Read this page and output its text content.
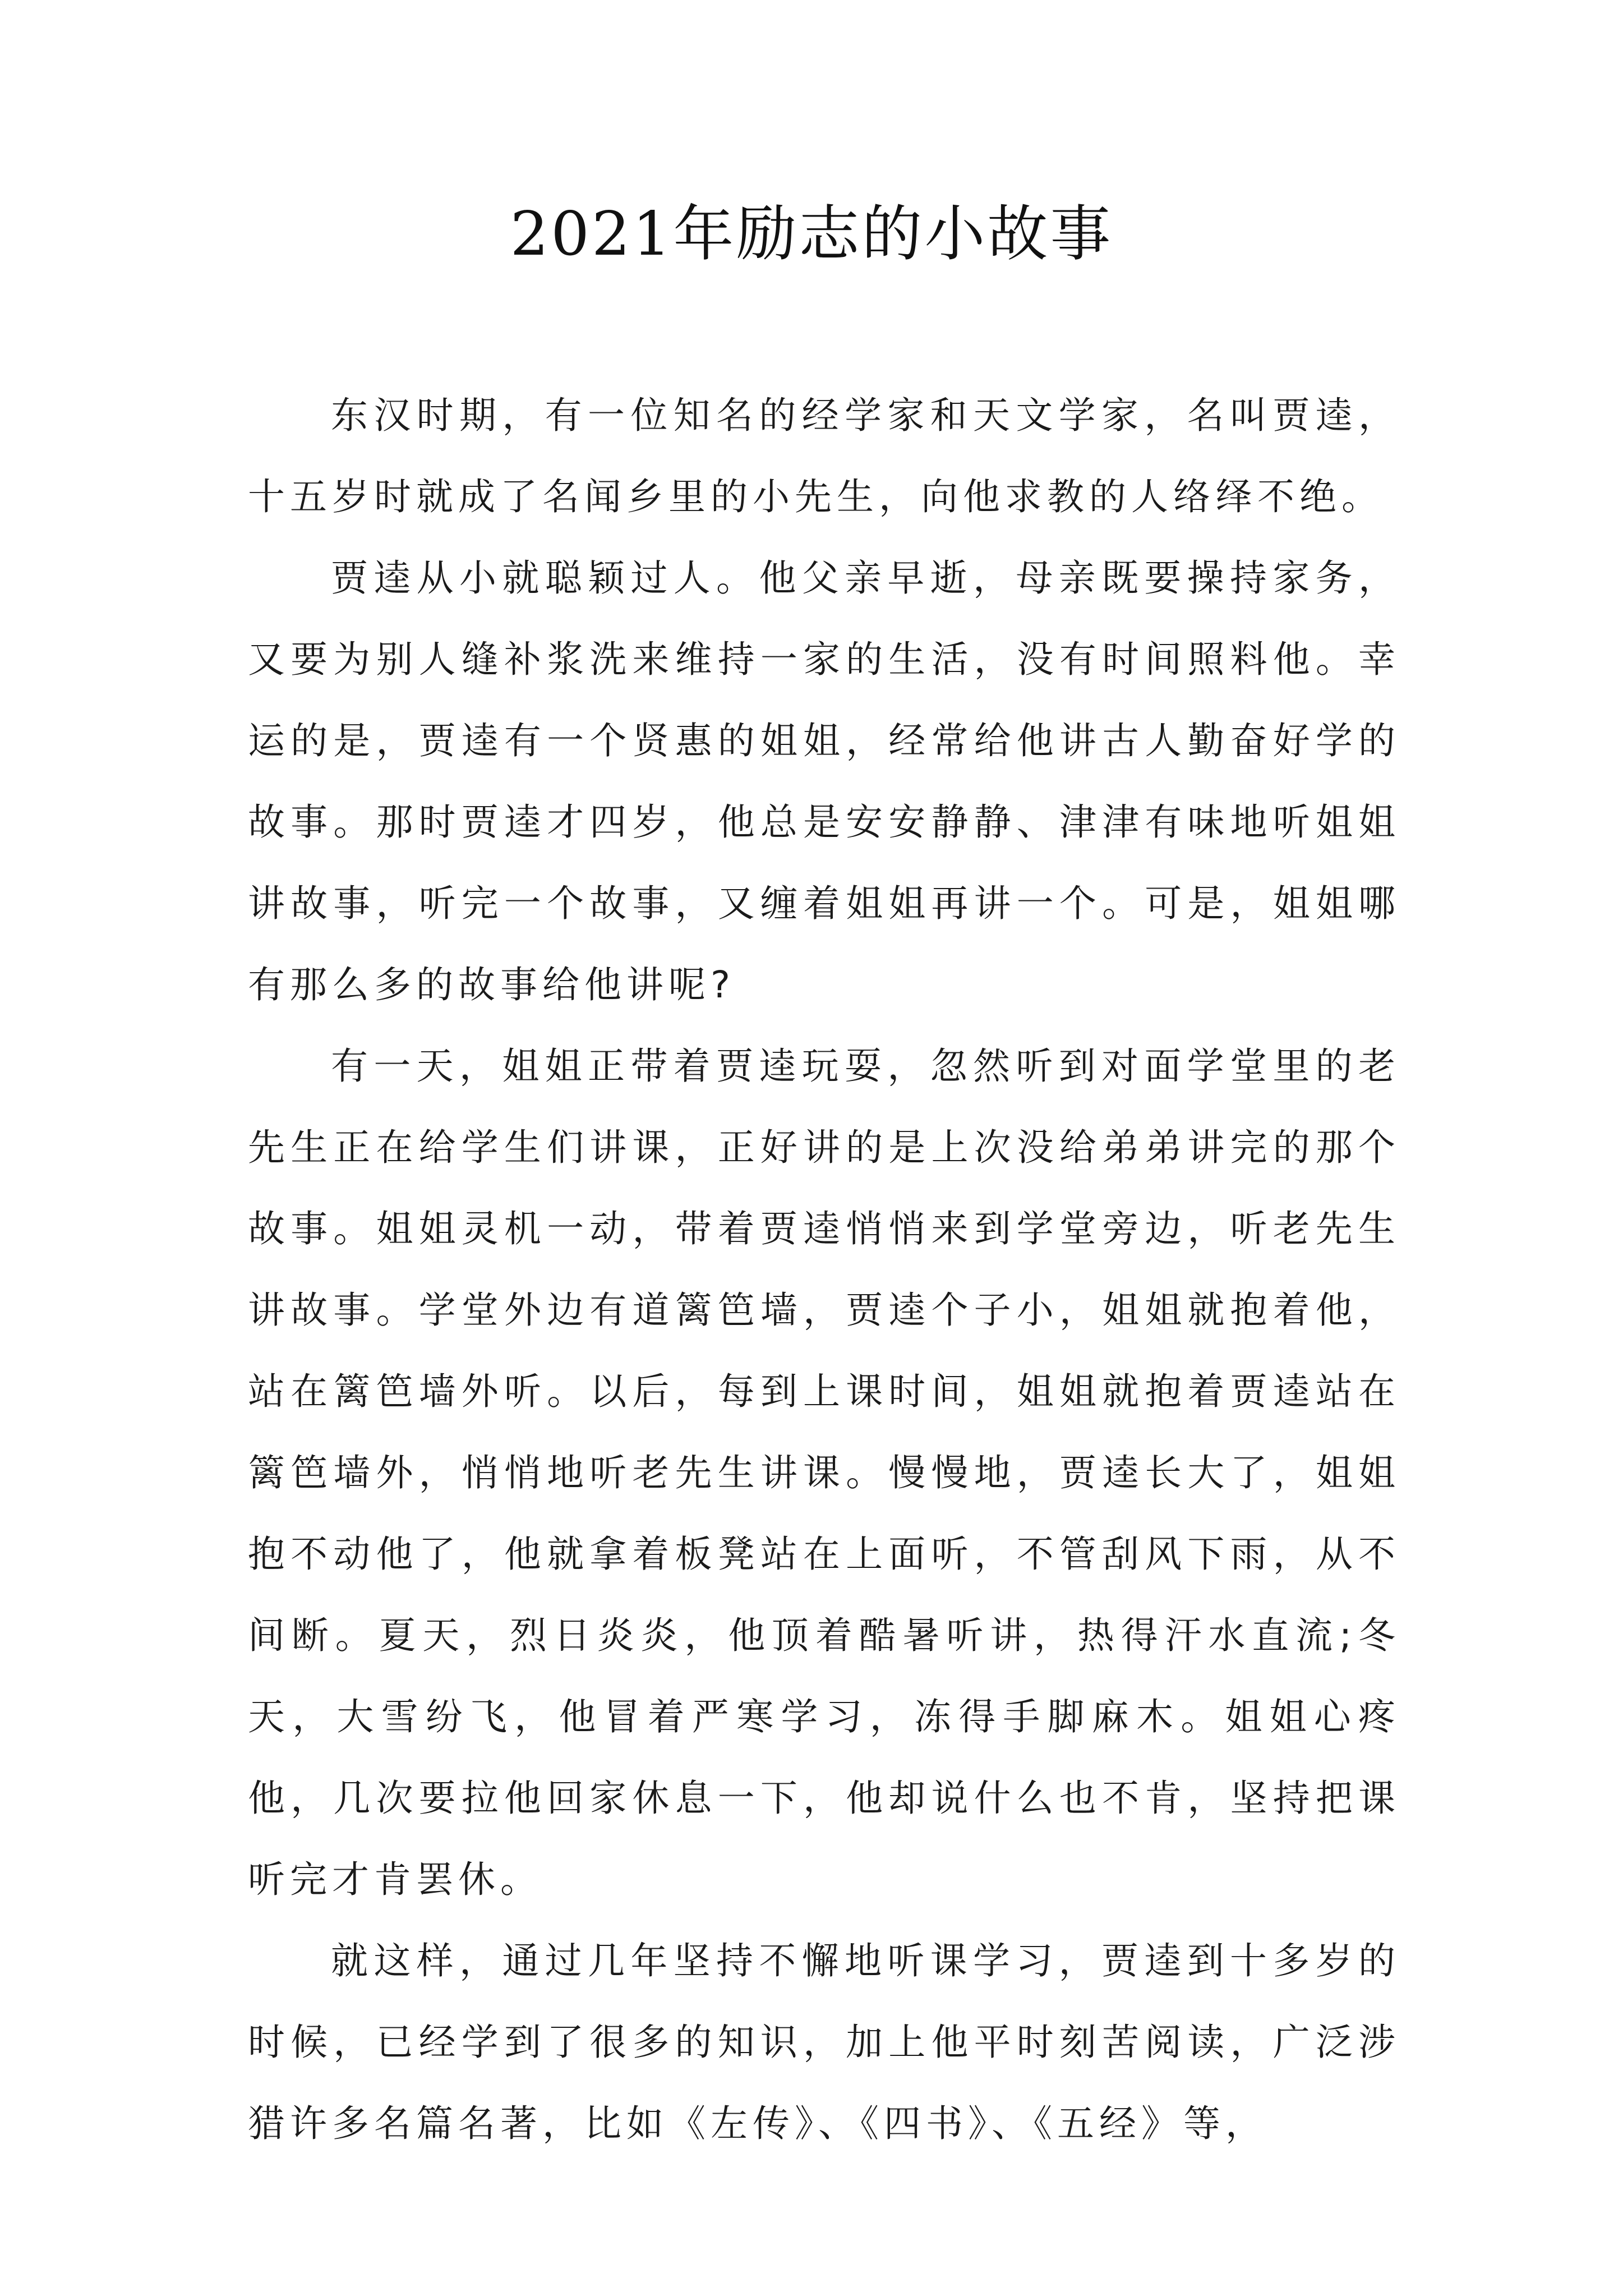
2021年励志的小故事

东汉时期，有一位知名的经学家和天文学家，名叫贾逵，十五岁时就成了名闻乡里的小先生，向他求教的人络绎不绝。

贾逵从小就聪颖过人。他父亲早逝，母亲既要操持家务，又要为别人缝补浆洗来维持一家的生活，没有时间照料他。幸运的是，贾逵有一个贤惠的姐姐，经常给他讲古人勤奋好学的故事。那时贾逵才四岁，他总是安安静静、津津有味地听姐姐讲故事，听完一个故事，又缠着姐姐再讲一个。可是，姐姐哪有那么多的故事给他讲呢?

有一天，姐姐正带着贾逵玩耍，忽然听到对面学堂里的老先生正在给学生们讲课，正好讲的是上次没给弟弟讲完的那个故事。姐姐灵机一动，带着贾逵悄悄来到学堂旁边，听老先生讲故事。学堂外边有道篱笆墙，贾逵个子小，姐姐就抱着他，站在篱笆墙外听。以后，每到上课时间，姐姐就抱着贾逵站在篱笆墙外，悄悄地听老先生讲课。慢慢地，贾逵长大了，姐姐抱不动他了，他就拿着板凳站在上面听，不管刮风下雨，从不间断。夏天，烈日炎炎，他顶着酷暑听讲，热得汗水直流;冬天，大雪纷飞，他冒着严寒学习，冻得手脚麻木。姐姐心疼他，几次要拉他回家休息一下，他却说什么也不肯，坚持把课听完才肯罢休。

就这样，通过几年坚持不懈地听课学习，贾逵到十多岁的时候，已经学到了很多的知识，加上他平时刻苦阅读，广泛涉猎许多名篇名著，比如《左传》、《四书》、《五经》等，
